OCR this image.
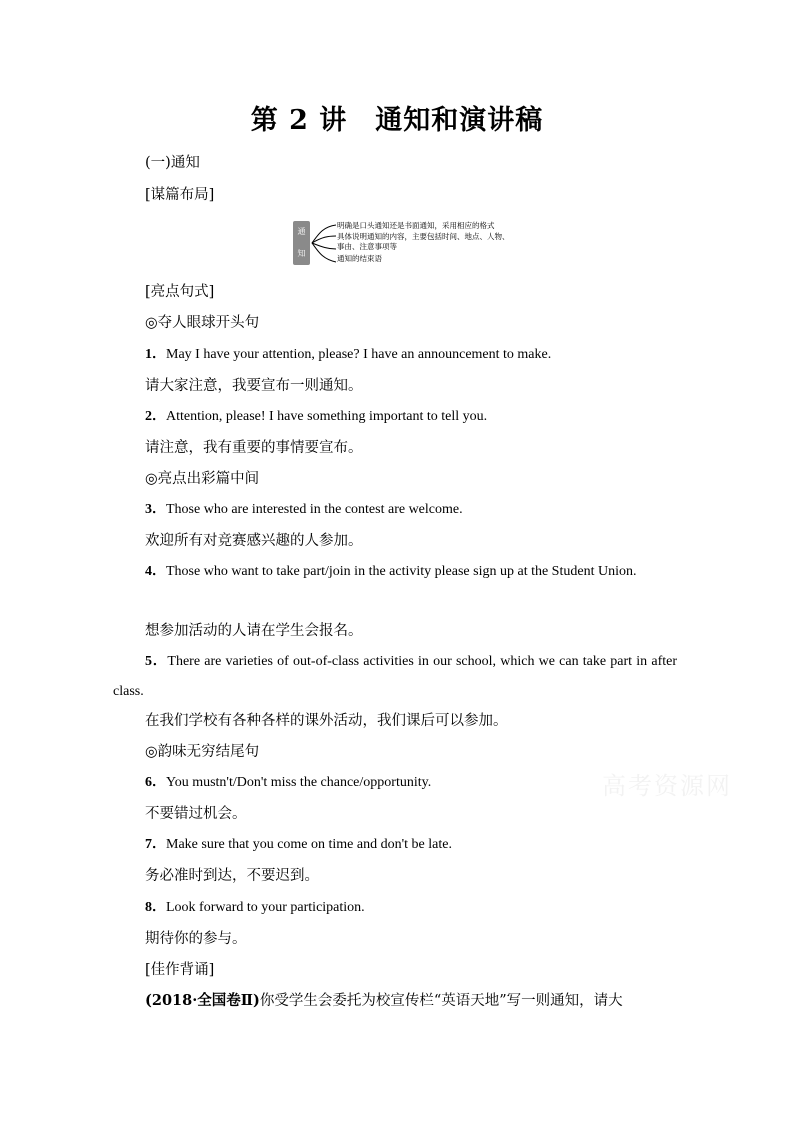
第 2 讲　通知和演讲稿
(一)通知
[谋篇布局]
通
知
明确是口头通知还是书面通知，采用相应的格式
具体说明通知的内容，主要包括时间、地点、人物、
事由、注意事项等
通知的结束语
[亮点句式]
◎夺人眼球开头句
1．May I have your attention, please? I have an announcement to make.
请大家注意，我要宣布一则通知。
2．Attention, please! I have something important to tell you.
请注意，我有重要的事情要宣布。
◎亮点出彩篇中间
3．Those who are interested in the contest are welcome.
欢迎所有对竞赛感兴趣的人参加。
4．Those who want to take part/join in the activity please sign up at the Student Union.
想参加活动的人请在学生会报名。
5．There are varieties of out-of-class activities in our school, which we can take part in after class.
在我们学校有各种各样的课外活动，我们课后可以参加。
◎韵味无穷结尾句
6．You mustn't/Don't miss the chance/opportunity.
不要错过机会。
7．Make sure that you come on time and don't be late.
务必准时到达，不要迟到。
8．Look forward to your participation.
期待你的参与。
[佳作背诵]
(2018·全国卷Ⅱ)你受学生会委托为校宣传栏“英语天地”写一则通知，请大
高考资源网
